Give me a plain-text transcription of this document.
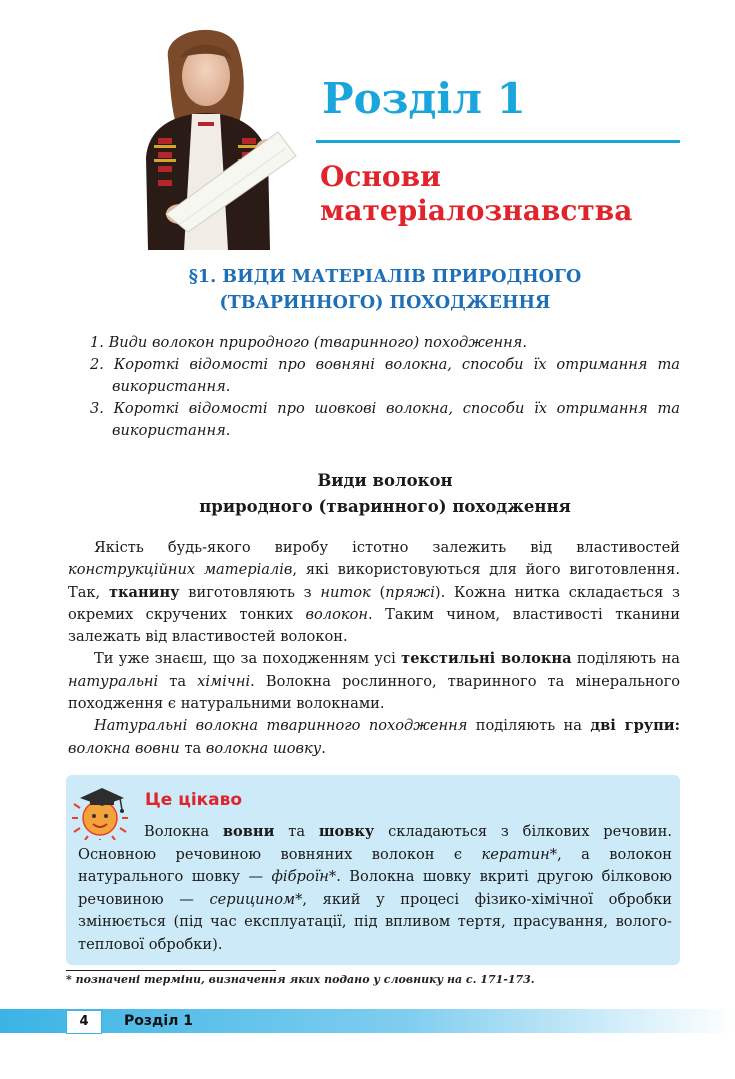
Розділ 1
Основи
матеріалознавства
§1. ВИДИ МАТЕРІАЛІВ ПРИРОДНОГО
(ТВАРИННОГО) ПОХОДЖЕННЯ
1. Види волокон природного (тваринного) походження.
2. Короткі відомості про вовняні волокна, способи їх отримання та використання.
3. Короткі відомості про шовкові волокна, способи їх отримання та використання.
Види волокон
природного (тваринного) походження

Якість будь-якого виробу істотно залежить від властивостей конструкційних матеріалів, які використовуються для його виготовлення. Так, тканину виготовляють з ниток (пряжі). Кожна нитка складається з окремих скручених тонких волокон. Таким чином, властивості тканини залежать від властивостей волокон.

Ти уже знаєш, що за походженням усі текстильні волокна поділяють на натуральні та хімічні. Волокна рослинного, тваринного та мінерального походження є натуральними волокнами.

Натуральні волокна тваринного походження поділяють на дві групи: волокна вовни та волокна шовку.

Це цікаво

Волокна вовни та шовку складаються з білкових речовин. Основною речовиною вовняних волокон є кератин*, а волокон натурального шовку — фіброїн*. Волокна шовку вкриті другою білковою речовиною — серицином*, який у процесі фізико-хімічної обробки змінюється (під час експлуатації, під впливом тертя, прасування, волого-теплової обробки).

* позначені терміни, визначення яких подано у словнику на с. 171-173.

4	Розділ 1
